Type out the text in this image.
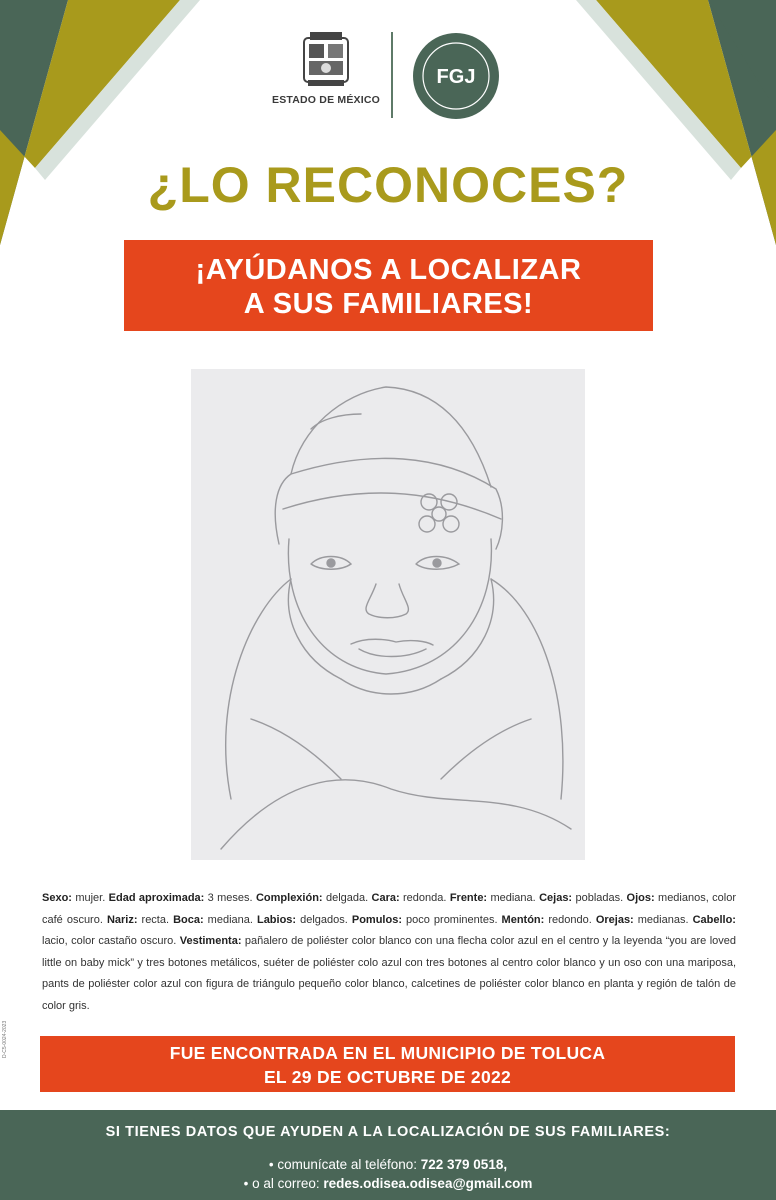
ESTADO DE MÉXICO
FGJ
¿LO RECONOCES?
¡AYÚDANOS A LOCALIZAR
A SUS FAMILIARES!
Sexo: mujer. Edad aproximada: 3 meses. Complexión: delgada. Cara: redonda. Frente: mediana. Cejas: pobladas. Ojos: medianos, color café oscuro. Nariz: recta. Boca: mediana. Labios: delgados. Pomulos: poco prominentes. Mentón: redondo. Orejas: medianas. Cabello: lacio, color castaño oscuro. Vestimenta: pañalero de poliéster color blanco con una flecha color azul en el centro y la leyenda “you are loved little on baby mick” y tres botones metálicos, suéter de poliéster colo azul con tres botones al centro color blanco y un oso con una mariposa, pants de poliéster color azul con figura de triángulo pequeño color blanco, calcetines de poliéster color blanco en planta y región de talón de color gris.
D-C5-0024-2023	FUE ENCONTRADA EN EL MUNICIPIO DE TOLUCA
EL 29 DE OCTUBRE DE 2022
SI TIENES DATOS QUE AYUDEN A LA LOCALIZACIÓN DE SUS FAMILIARES:
• comunícate al teléfono: 722 379 0518,
• o al correo: redes.odisea.odisea@gmail.com
